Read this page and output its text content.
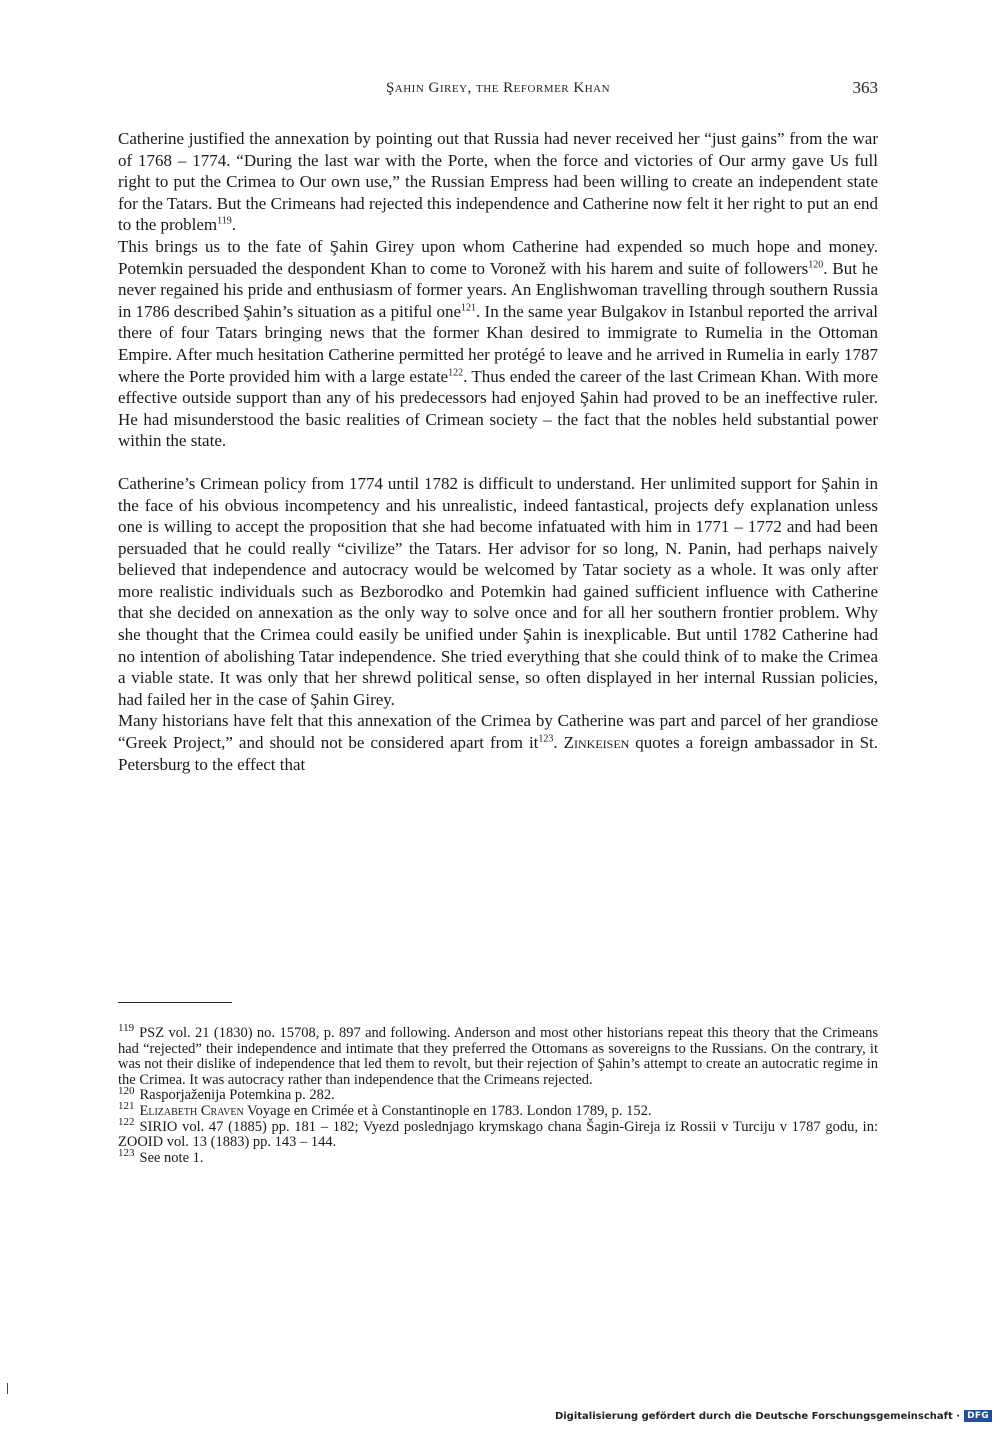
Şahin Girey, the Reformer Khan	363

Catherine justified the annexation by pointing out that Russia had never received her “just gains” from the war of 1768 – 1774. “During the last war with the Porte, when the force and victories of Our army gave Us full right to put the Crimea to Our own use,” the Russian Empress had been willing to create an independent state for the Tatars. But the Crimeans had rejected this independence and Catherine now felt it her right to put an end to the problem$^{119}$.

This brings us to the fate of Şahin Girey upon whom Catherine had expended so much hope and money. Potemkin persuaded the despondent Khan to come to Voronež with his harem and suite of followers$^{120}$. But he never regained his pride and enthusiasm of former years. An Englishwoman travelling through southern Russia in 1786 described Şahin’s situation as a pitiful one$^{121}$. In the same year Bulgakov in Istanbul reported the arrival there of four Tatars bringing news that the former Khan desired to immigrate to Rumelia in the Ottoman Empire. After much hesitation Catherine permitted her protégé to leave and he arrived in Rumelia in early 1787 where the Porte provided him with a large estate$^{122}$. Thus ended the career of the last Crimean Khan. With more effective outside support than any of his predecessors had enjoyed Şahin had proved to be an ineffective ruler. He had misunderstood the basic realities of Crimean society – the fact that the nobles held substantial power within the state.

Catherine’s Crimean policy from 1774 until 1782 is difficult to understand. Her unlimited support for Şahin in the face of his obvious incompetency and his unrealistic, indeed fantastical, projects defy explanation unless one is willing to accept the proposition that she had become infatuated with him in 1771 – 1772 and had been persuaded that he could really “civilize” the Tatars. Her advisor for so long, N. Panin, had perhaps naively believed that independence and autocracy would be welcomed by Tatar society as a whole. It was only after more realistic individuals such as Bezborodko and Potemkin had gained sufficient influence with Catherine that she decided on annexation as the only way to solve once and for all her southern frontier problem. Why she thought that the Crimea could easily be unified under Şahin is inexplicable. But until 1782 Catherine had no intention of abolishing Tatar independence. She tried everything that she could think of to make the Crimea a viable state. It was only that her shrewd political sense, so often displayed in her internal Russian policies, had failed her in the case of Şahin Girey.

Many historians have felt that this annexation of the Crimea by Catherine was part and parcel of her grandiose “Greek Project,” and should not be considered apart from $it^{123}$. Zinkeisen quotes a foreign ambassador in St. Petersburg to the effect that

$^{119}$ PSZ vol. 21 (1830) no. 15708, p. 897 and following. Anderson and most other historians repeat this theory that the Crimeans had “rejected” their independence and intimate that they preferred the Ottomans as sovereigns to the Russians. On the contrary, it was not their dislike of independence that led them to revolt, but their rejection of Şahin’s attempt to create an autocratic regime in the Crimea. It was autocracy rather than independence that the Crimeans rejected.
$^{120}$ Rasporjaženija Potemkina p. 282.
$^{121}$ Elizabeth Craven Voyage en Crimée et à Constantinople en 1783. London 1789, p. 152.
$^{122}$ SIRIO vol. 47 (1885) pp. 181 – 182; Vyezd poslednjago krymskago chana Šagin-Gireja iz Rossii v Turciju v 1787 godu, in: ZOOID vol. 13 (1883) pp. 143 – 144.
$^{123}$ See note 1.
Digitalisierung gefördert durch die Deutsche Forschungsgemeinschaft · DFG
